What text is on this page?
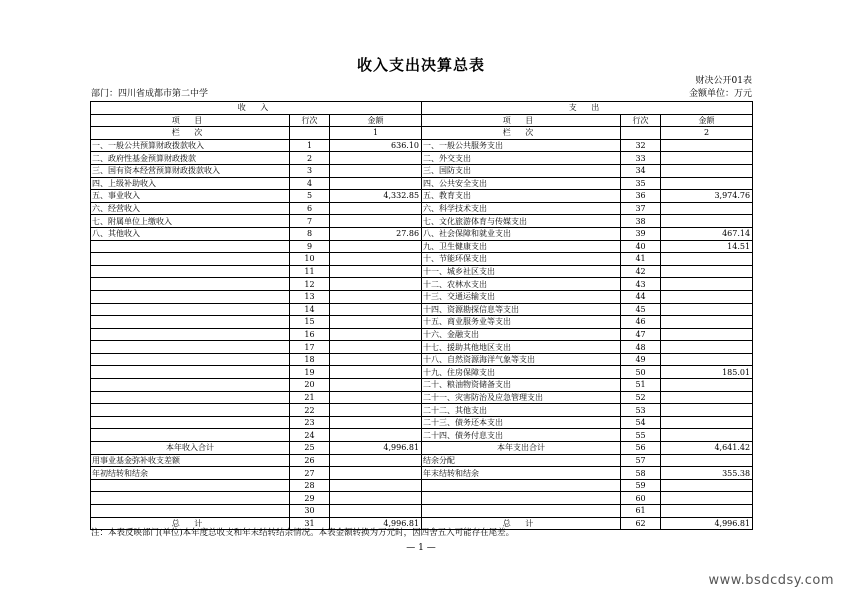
收入支出决算总表
财决公开01表
部门：四川省成都市第二中学	金额单位：万元
收 入			支 出		
项 目	行次	金额	项 目	行次	金额
栏 次		1	栏 次		2
一、一般公共预算财政拨款收入	1	636.10	一、一般公共服务支出	32	
二、政府性基金预算财政拨款	2		二、外交支出	33	
三、国有资本经营预算财政拨款收入	3		三、国防支出	34	
四、上级补助收入	4		四、公共安全支出	35	
五、事业收入	5	4,332.85	五、教育支出	36	3,974.76
六、经营收入	6		六、科学技术支出	37	
七、附属单位上缴收入	7		七、文化旅游体育与传媒支出	38	
八、其他收入	8	27.86	八、社会保障和就业支出	39	467.14
	9		九、卫生健康支出	40	14.51
	10		十、节能环保支出	41	
	11		十一、城乡社区支出	42	
	12		十二、农林水支出	43	
	13		十三、交通运输支出	44	
	14		十四、资源勘探信息等支出	45	
	15		十五、商业服务业等支出	46	
	16		十六、金融支出	47	
	17		十七、援助其他地区支出	48	
	18		十八、自然资源海洋气象等支出	49	
	19		十九、住房保障支出	50	185.01
	20		二十、粮油物资储备支出	51	
	21		二十一、灾害防治及应急管理支出	52	
	22		二十二、其他支出	53	
	23		二十三、债务还本支出	54	
	24		二十四、债务付息支出	55	
本年收入合计	25	4,996.81	本年支出合计	56	4,641.42
用事业基金弥补收支差额	26		结余分配	57	
年初结转和结余	27		年末结转和结余	58	355.38
	28			59	
	29			60	
	30			61	
总 计	31	4,996.81	总 计	62	4,996.81
注：本表反映部门(单位)本年度总收支和年末结转结余情况。本表金额转换为万元时，因四舍五入可能存在尾差。
— 1 —
www.bsdcdsy.com
